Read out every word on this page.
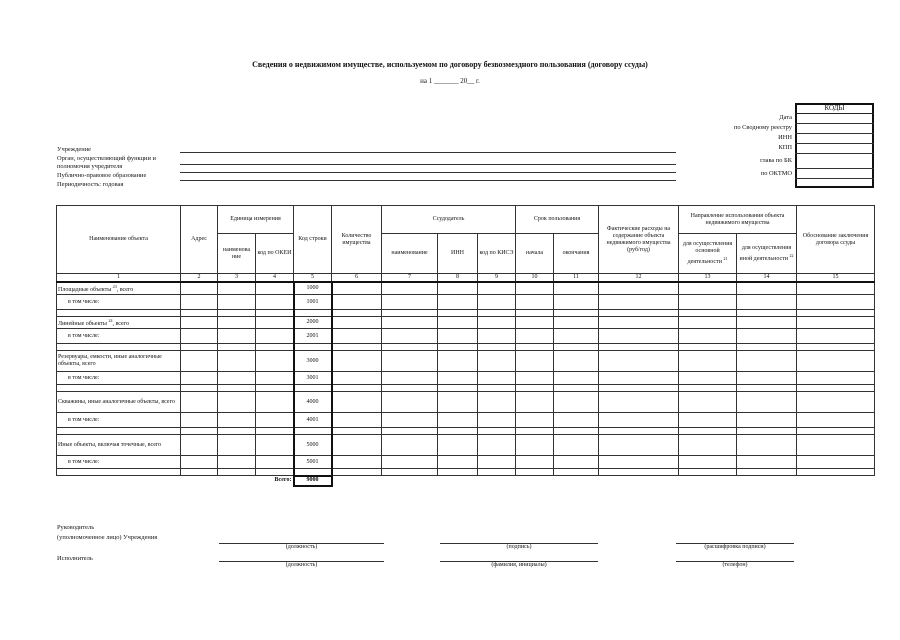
Сведения о недвижимом имуществе, используемом по договору безвозмездного пользования (договору ссуды)
на 1 _______ 20__ г.
КОДЫ
Дата
по Сводному реестру
ИНН
КПП
глава по БК
по ОКТМО
Учреждение
Орган, осуществляющий функции и
полномочия учредителя
Публично-правовое образование
Периодичность: годовая
Наименование объекта	Адрес	Единица измерения		Код строки	Количество имущества	Ссудодатель			Срок пользования		Фактические расходы на содержание объекта недвижимого имущества (руб/год)	Направление использования объекта недвижимого имущества		Обоснование заключения договора ссуды
		наименова ние	код по ОКЕИ			наименование	ИНН	код по КИСЭ	начала	окончания		для осуществления основной деятельности $^{21}$	для осуществления иной деятельности $^{22}$
1	2	3	4	5	6	7	8	9	10	11	12	13	14	15
Площадные объекты $^{23}$, всего				1000										
в том числе:				1001										

Линейные объекты $^{24}$, всего				2000										
в том числе:				2001										

Резервуары, емкости, иные аналогичные объекты, всего				3000										
в том числе:				3001										

Скважины, иные аналогичные объекты, всего				4000										
в том числе:				4001										

Иные объекты, включая точечные, всего				5000										
в том числе:				5001										

Всего:				9000										
Руководитель
(уполномоченное лицо) Учреждения
(должность)	(подпись)	(расшифровка подписи)
Исполнитель
(должность)	(фамилия, инициалы)	(телефон)
